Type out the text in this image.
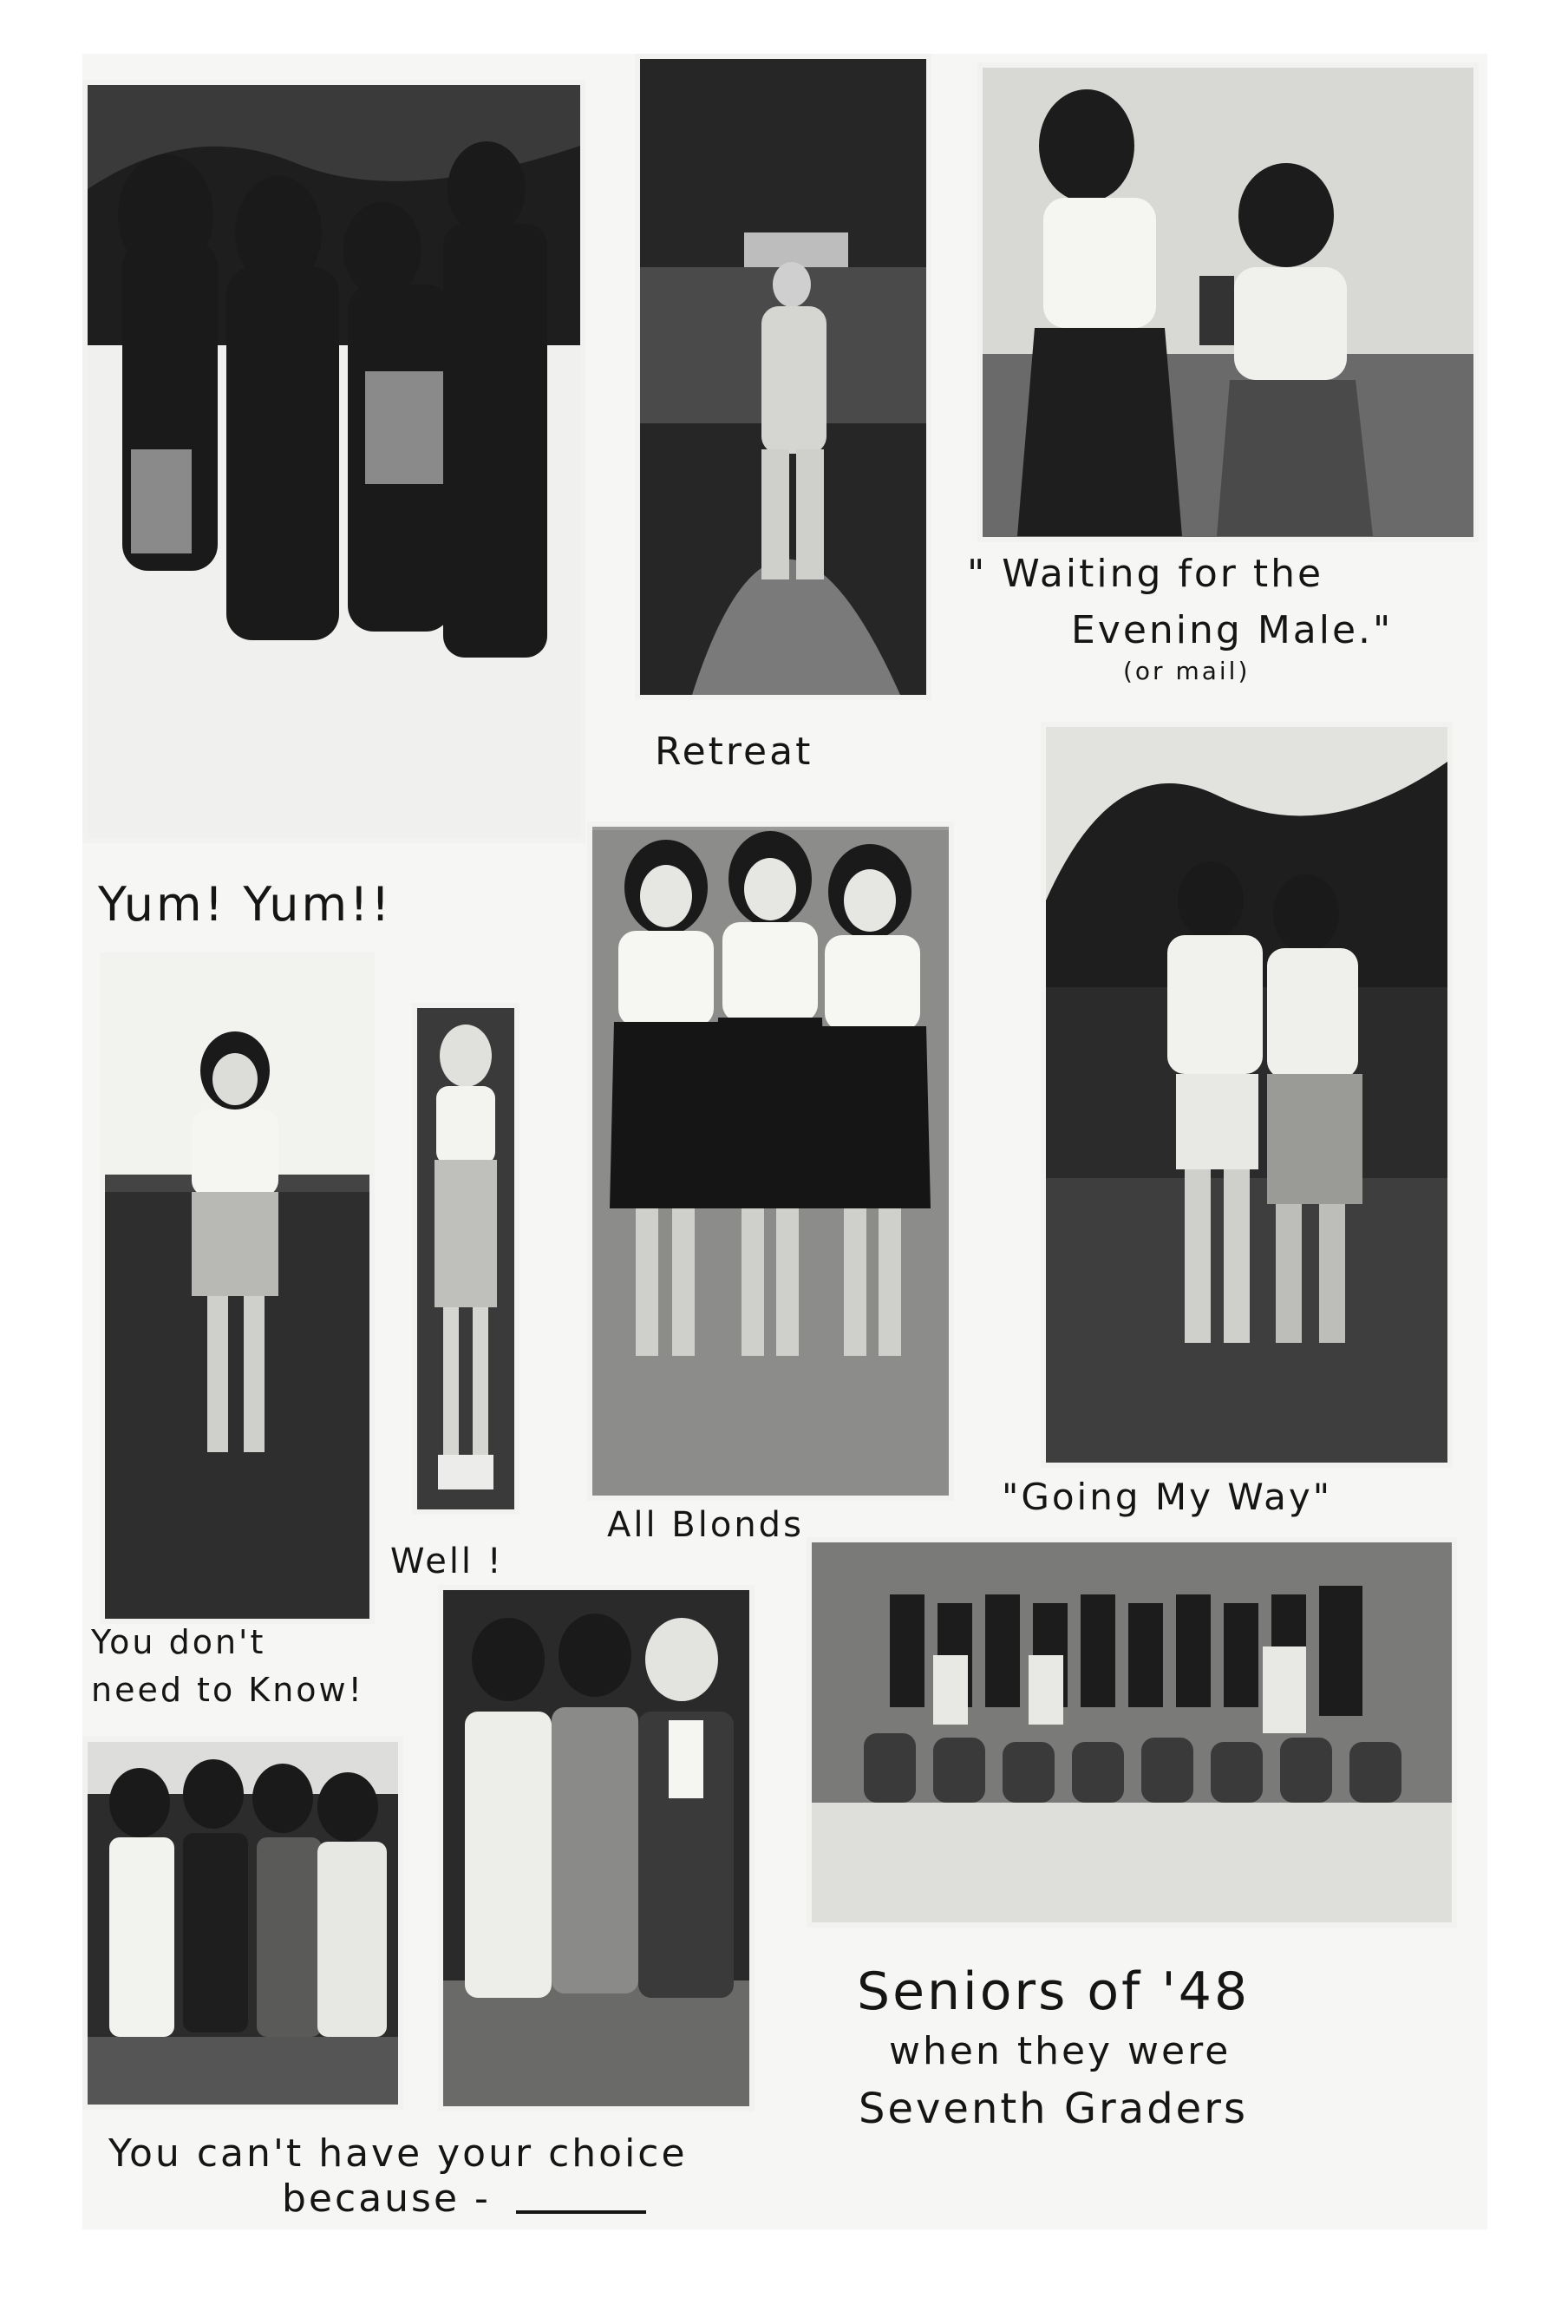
" Waiting for the
Evening Male."
(or mail)
Retreat
Yum! Yum!!
All Blonds
"Going My Way"
Well !
You don't
need to Know!
Seniors of '48
when they were
Seventh Graders
You can't have your choice
because -
